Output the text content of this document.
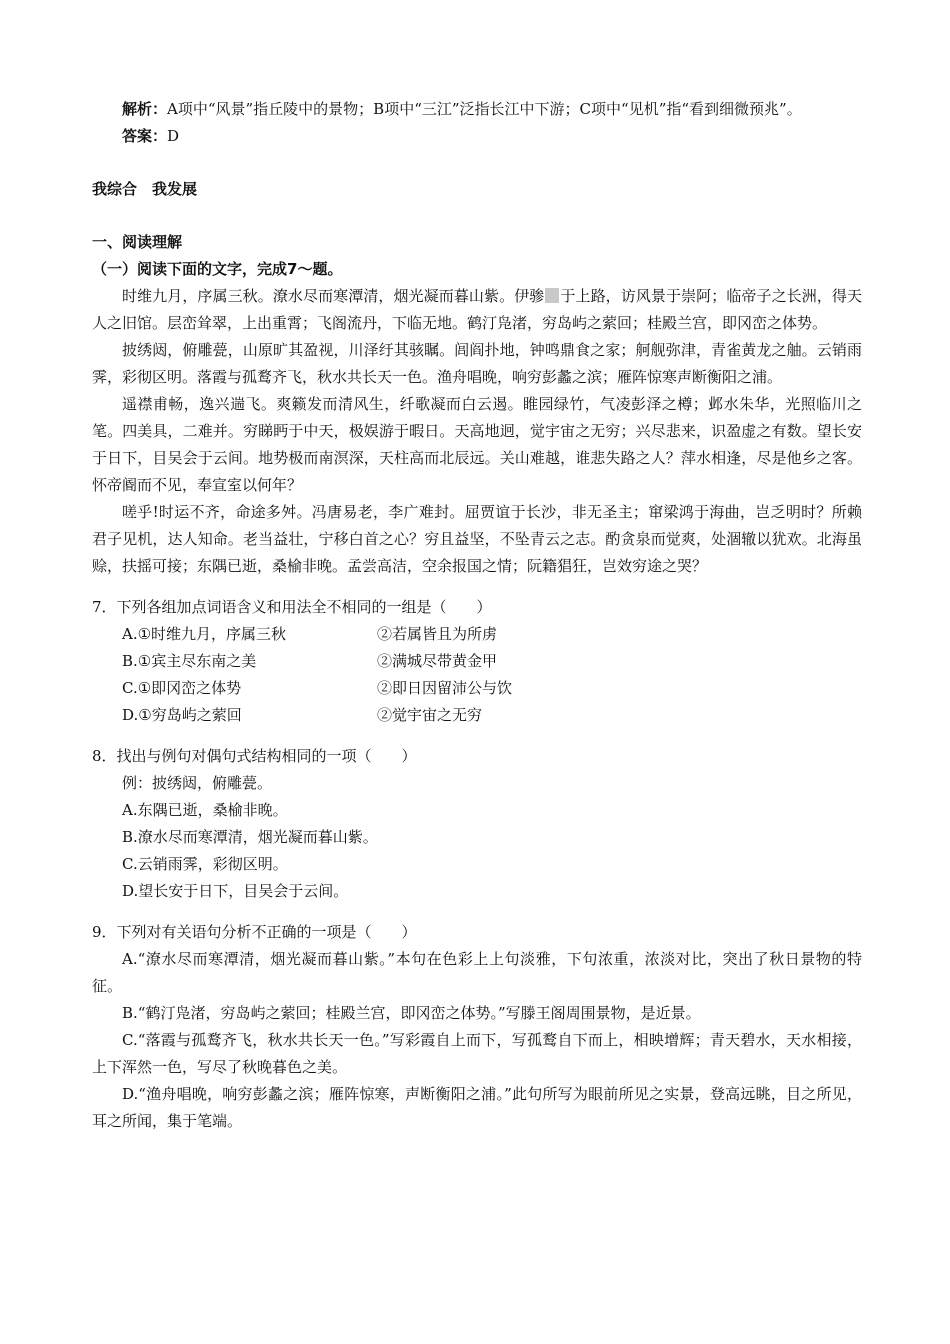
解析：A项中“风景”指丘陵中的景物；B项中“三江”泛指长江中下游；C项中“见机”指“看到细微预兆”。

答案：D

我综合　我发展

一、阅读理解

（一）阅读下面的文字，完成7～题。

时维九月，序属三秋。潦水尽而寒潭清，烟光凝而暮山紫。伊骖 于上路，访风景于崇阿；临帝子之长洲，得天人之旧馆。层峦耸翠，上出重霄；飞阁流丹，下临无地。鹤汀凫渚，穷岛屿之萦回；桂殿兰宫，即冈峦之体势。

披绣闼，俯雕甍，山原旷其盈视，川泽纡其骇瞩。闾阎扑地，钟鸣鼎食之家；舸舰弥津，青雀黄龙之舳。云销雨霁，彩彻区明。落霞与孤鹜齐飞，秋水共长天一色。渔舟唱晚，响穷彭蠡之滨；雁阵惊寒声断衡阳之浦。

遥襟甫畅，逸兴遄飞。爽籁发而清风生，纤歌凝而白云遏。睢园绿竹，气凌彭泽之樽；邺水朱华，光照临川之笔。四美具，二难并。穷睇眄于中天，极娱游于暇日。天高地迥，觉宇宙之无穷；兴尽悲来，识盈虚之有数。望长安于日下，目吴会于云间。地势极而南溟深，天柱高而北辰远。关山难越，谁悲失路之人？萍水相逢，尽是他乡之客。怀帝阍而不见，奉宣室以何年？

嗟乎!时运不齐，命途多舛。冯唐易老，李广难封。屈贾谊于长沙，非无圣主；窜梁鸿于海曲，岂乏明时？所赖君子见机，达人知命。老当益壮，宁移白首之心？穷且益坚，不坠青云之志。酌贪泉而觉爽，处涸辙以犹欢。北海虽赊，扶摇可接；东隅已逝，桑榆非晚。孟尝高洁，空余报国之情；阮籍猖狂，岂效穷途之哭？

7．下列各组加点词语含义和用法全不相同的一组是（　　）

A.①时维九月，序属三秋	②若属皆且为所虏
B.①宾主尽东南之美	②满城尽带黄金甲
C.①即冈峦之体势	②即日因留沛公与饮
D.①穷岛屿之萦回	②觉宇宙之无穷

8．找出与例句对偶句式结构相同的一项（　　）

例：披绣闼，俯雕甍。

A.东隅已逝，桑榆非晚。

B.潦水尽而寒潭清，烟光凝而暮山紫。

C.云销雨霁，彩彻区明。

D.望长安于日下，目吴会于云间。

9．下列对有关语句分析不正确的一项是（　　）

A.“潦水尽而寒潭清，烟光凝而暮山紫。”本句在色彩上上句淡雅，下句浓重，浓淡对比，突出了秋日景物的特征。

B.“鹤汀凫渚，穷岛屿之萦回；桂殿兰宫，即冈峦之体势。”写滕王阁周围景物，是近景。

C.“落霞与孤鹜齐飞，秋水共长天一色。”写彩霞自上而下，写孤鹜自下而上，相映增辉；青天碧水，天水相接，上下浑然一色，写尽了秋晚暮色之美。

D.“渔舟唱晚，响穷彭蠡之滨；雁阵惊寒，声断衡阳之浦。”此句所写为眼前所见之实景，登高远眺，目之所见，耳之所闻，集于笔端。
